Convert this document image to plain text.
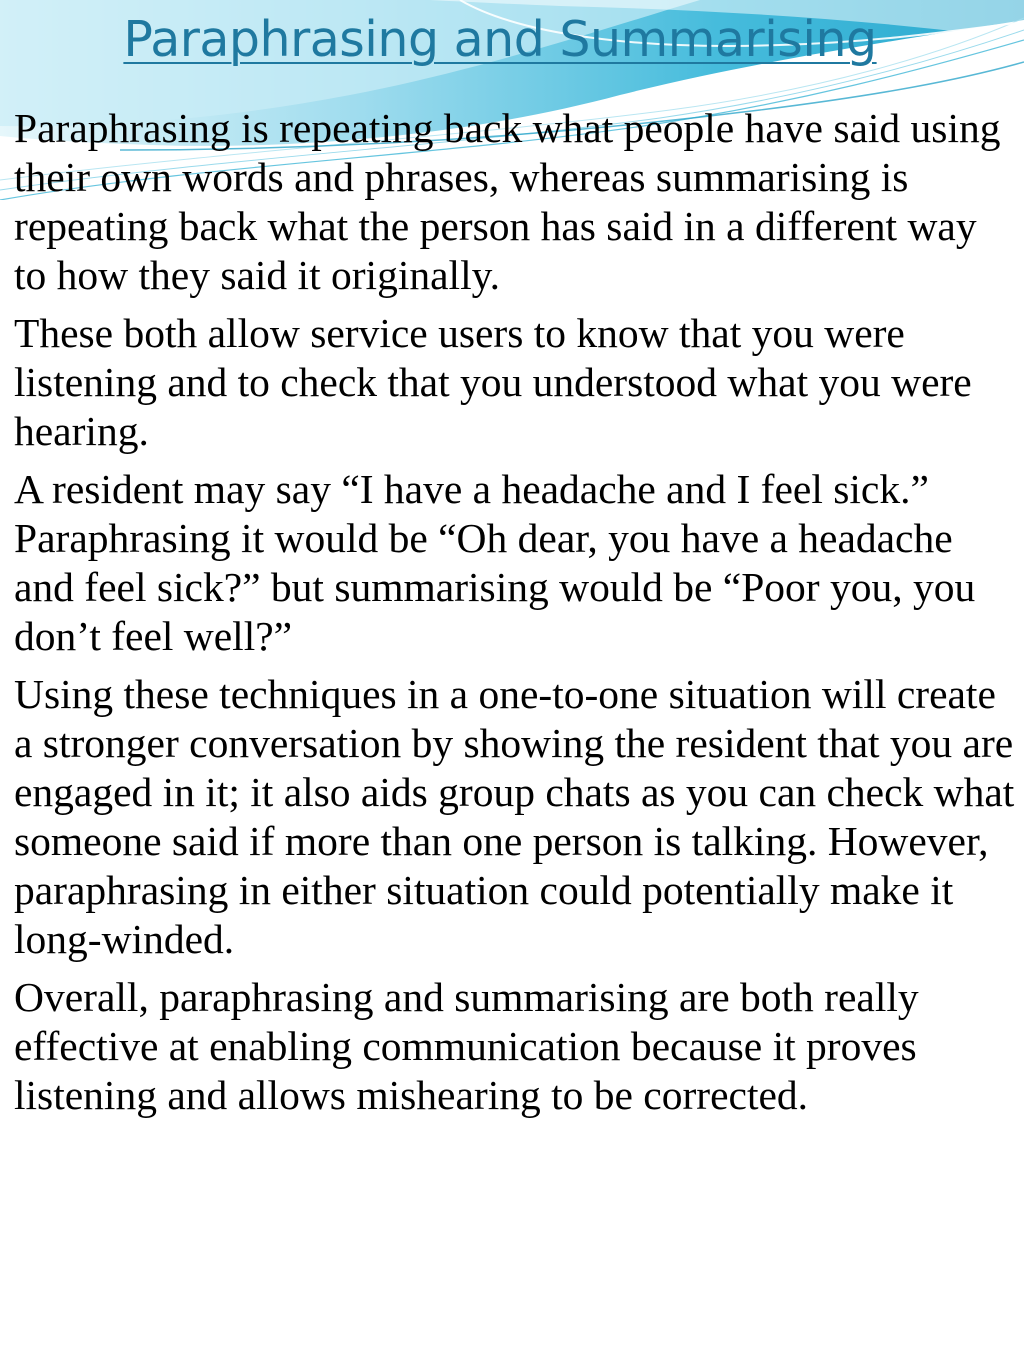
Paraphrasing and Summarising

Paraphrasing is repeating back what people have said using their own words and phrases, whereas summarising is repeating back what the person has said in a different way to how they said it originally.

These both allow service users to know that you were listening and to check that you understood what you were hearing.

A resident may say “I have a headache and I feel sick.” Paraphrasing it would be “Oh dear, you have a headache and feel sick?” but summarising would be “Poor you, you don’t feel well?”

Using these techniques in a one-to-one situation will create a stronger conversation by showing the resident that you are engaged in it; it also aids group chats as you can check what someone said if more than one person is talking. However, paraphrasing in either situation could potentially make it long-winded.

Overall, paraphrasing and summarising are both really effective at enabling communication because it proves listening and allows mishearing to be corrected.
